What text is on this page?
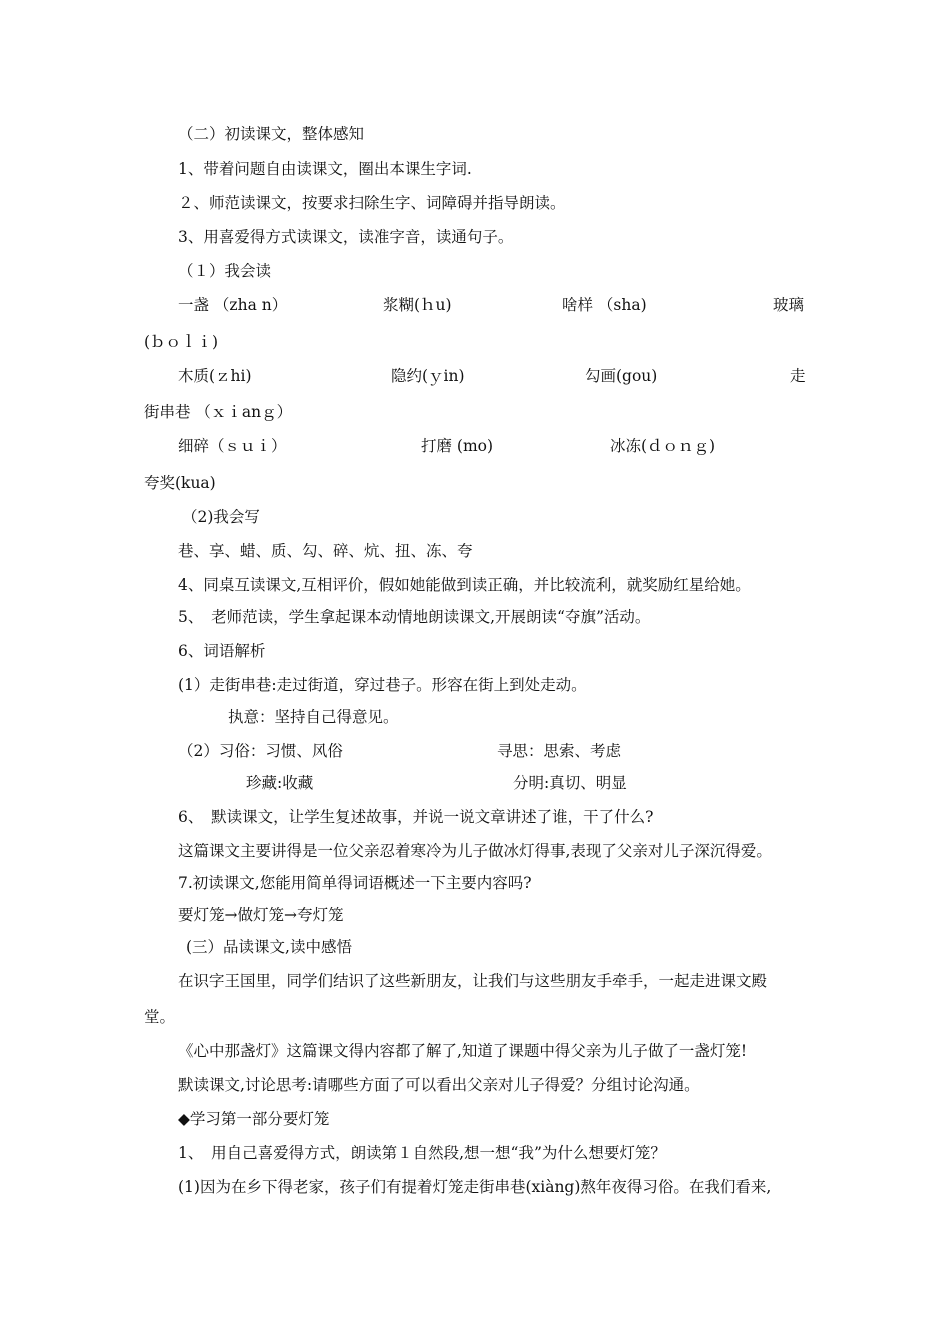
（二）初读课文，整体感知
1、带着问题自由读课文，圈出本课生字词.
２、师范读课文，按要求扫除生字、词障碍并指导朗读。
3、用喜爱得方式读课文，读准字音，读通句子。
（１）我会读
一盏 （zha n）	浆糊(ｈu)	啥样 （sha)	玻璃
(ｂｏｌｉ)
木质(ｚhi)	隐约(ｙin)	勾画(gou)	走
街串巷 （ｘｉanｇ）
细碎（ｓｕｉ）	打磨 (mo)	冰冻(ｄｏｎｇ)
夸奖(kua)
（2)我会写
巷、享、蜡、质、勾、碎、炕、扭、冻、夸
4、同桌互读课文,互相评价，假如她能做到读正确，并比较流利，就奖励红星给她。
5、　老师范读，学生拿起课本动情地朗读课文,开展朗读“夺旗”活动。
6、词语解析
(1）走街串巷:走过街道，穿过巷子。形容在街上到处走动。
执意：坚持自己得意见。
（2）习俗：习惯、风俗	寻思：思索、考虑
珍藏:收藏	分明:真切、明显
6、　默读课文，让学生复述故事，并说一说文章讲述了谁，干了什么?
这篇课文主要讲得是一位父亲忍着寒冷为儿子做冰灯得事,表现了父亲对儿子深沉得爱。
7.初读课文,您能用简单得词语概述一下主要内容吗?
要灯笼→做灯笼→夸灯笼
(三）品读课文,读中感悟
在识字王国里，同学们结识了这些新朋友，让我们与这些朋友手牵手，一起走进课文殿
堂。
《心中那盏灯》这篇课文得内容都了解了,知道了课题中得父亲为儿子做了一盏灯笼!
默读课文,讨论思考:请哪些方面了可以看出父亲对儿子得爱？分组讨论沟通。
◆学习第一部分要灯笼
1、　用自己喜爱得方式，朗读第１自然段,想一想“我”为什么想要灯笼？
(1)因为在乡下得老家，孩子们有提着灯笼走街串巷(xiàng)熬年夜得习俗。在我们看来,
